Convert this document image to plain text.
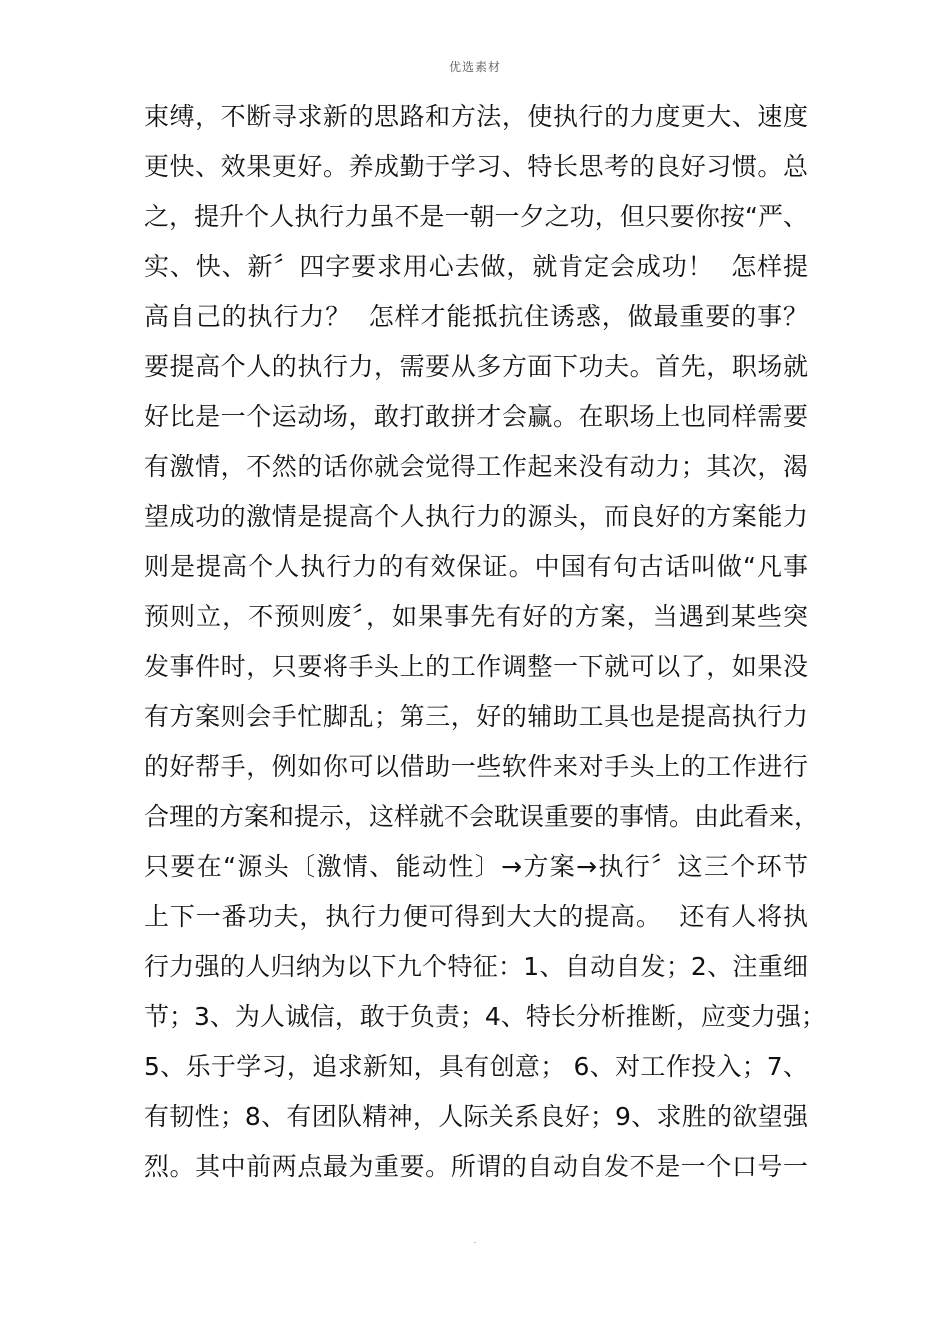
优选素材
束缚，不断寻求新的思路和方法，使执行的力度更大、速度
更快、效果更好。养成勤于学习、特长思考的良好习惯。总
之，提升个人执行力虽不是一朝一夕之功，但只要你按“严、
实、快、新〞四字要求用心去做，就肯定会成功！  怎样提
高自己的执行力？  怎样才能抵抗住诱惑，做最重要的事？
要提高个人的执行力，需要从多方面下功夫。首先，职场就
好比是一个运动场，敢打敢拼才会赢。在职场上也同样需要
有激情，不然的话你就会觉得工作起来没有动力；其次，渴
望成功的激情是提高个人执行力的源头，而良好的方案能力
则是提高个人执行力的有效保证。中国有句古话叫做“凡事
预则立，不预则废〞，如果事先有好的方案，当遇到某些突
发事件时，只要将手头上的工作调整一下就可以了，如果没
有方案则会手忙脚乱；第三，好的辅助工具也是提高执行力
的好帮手，例如你可以借助一些软件来对手头上的工作进行
合理的方案和提示，这样就不会耽误重要的事情。由此看来，
只要在“源头〔激情、能动性〕→方案→执行〞这三个环节
上下一番功夫，执行力便可得到大大的提高。  还有人将执
行力强的人归纳为以下九个特征：1、自动自发；2、注重细
节；3、为人诚信，敢于负责；4、特长分析推断，应变力强；
5、乐于学习，追求新知，具有创意； 6、对工作投入；7、
有韧性；8、有团队精神，人际关系良好；9、求胜的欲望强
烈。其中前两点最为重要。所谓的自动自发不是一个口号一
.
